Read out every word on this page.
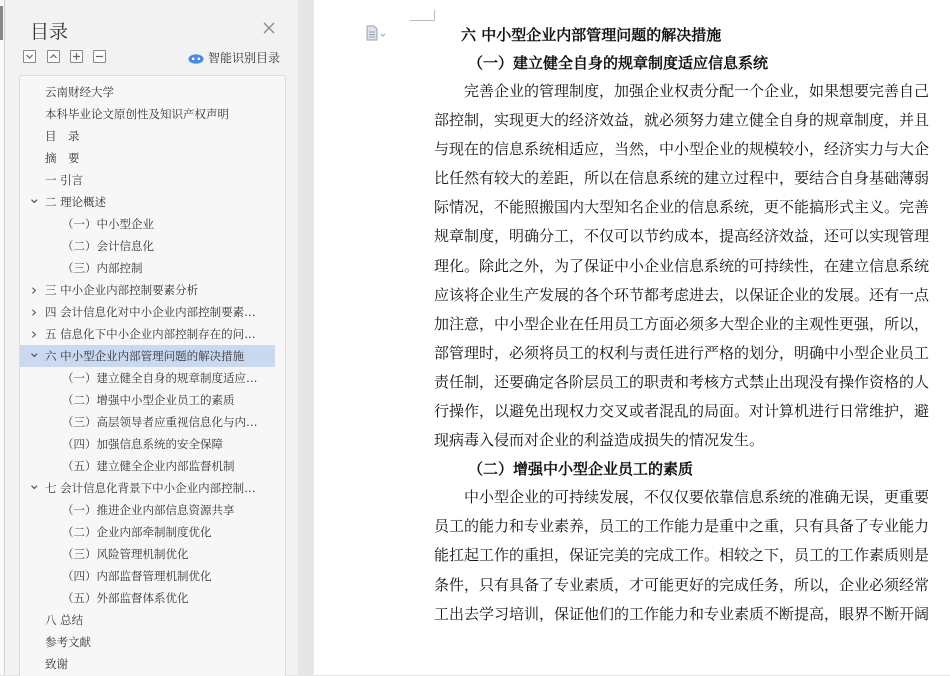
目录
智能识别目录
云南财经大学
本科毕业论文原创性及知识产权声明
目　录
摘　要
一 引言
⌄ 二 理论概述
（一）中小型企业
（二）会计信息化
（三）内部控制
› 三 中小企业内部控制要素分析
› 四 会计信息化对中小企业内部控制要素…
› 五 信息化下中小企业内部控制存在的问…
⌄ 六 中小型企业内部管理问题的解决措施
（一）建立健全自身的规章制度适应…
（二）增强中小型企业员工的素质
（三）高层领导者应重视信息化与内…
（四）加强信息系统的安全保障
（五）建立健全企业内部监督机制
⌄ 七 会计信息化背景下中小企业内部控制…
（一）推进企业内部信息资源共享
（二）企业内部牵制制度优化
（三）风险管理机制优化
（四）内部监督管理机制优化
（五）外部监督体系优化
八 总结
参考文献
致谢
六 中小型企业内部管理问题的解决措施
（一）建立健全自身的规章制度适应信息系统
完善企业的管理制度，加强企业权责分配一个企业，如果想要完善自己
部控制，实现更大的经济效益，就必须努力建立健全自身的规章制度，并且
与现在的信息系统相适应，当然，中小型企业的规模较小，经济实力与大企
比任然有较大的差距，所以在信息系统的建立过程中，要结合自身基础薄弱
际情况，不能照搬国内大型知名企业的信息系统，更不能搞形式主义。完善
规章制度，明确分工，不仅可以节约成本，提高经济效益，还可以实现管理
理化。除此之外，为了保证中小企业信息系统的可持续性，在建立信息系统
应该将企业生产发展的各个环节都考虑进去，以保证企业的发展。还有一点
加注意，中小型企业在任用员工方面必须多大型企业的主观性更强，所以，
部管理时，必须将员工的权利与责任进行严格的划分，明确中小型企业员工
责任制，还要确定各阶层员工的职责和考核方式禁止出现没有操作资格的人
行操作，以避免出现权力交叉或者混乱的局面。对计算机进行日常维护，避
现病毒入侵而对企业的利益造成损失的情况发生。
（二）增强中小型企业员工的素质
中小型企业的可持续发展，不仅仅要依靠信息系统的准确无误，更重要
员工的能力和专业素养，员工的工作能力是重中之重，只有具备了专业能力
能扛起工作的重担，保证完美的完成工作。相较之下，员工的工作素质则是
条件，只有具备了专业素质，才可能更好的完成任务，所以，企业必须经常
工出去学习培训，保证他们的工作能力和专业素质不断提高，眼界不断开阔
